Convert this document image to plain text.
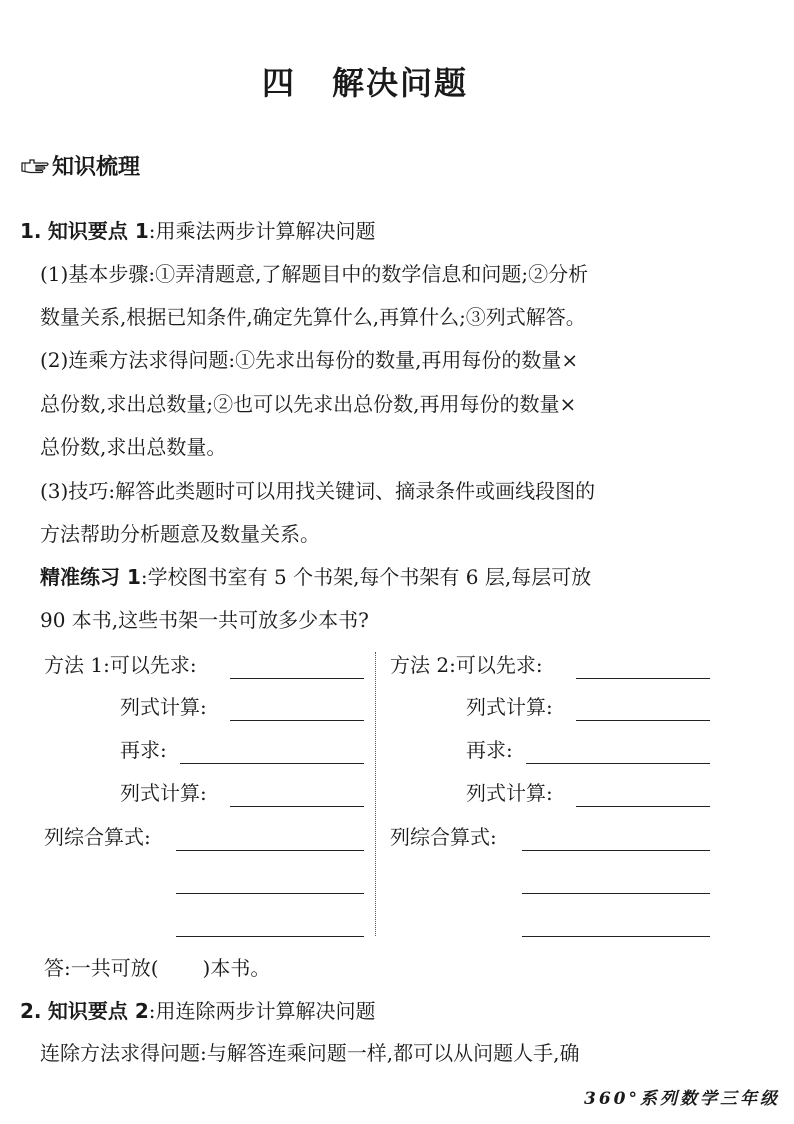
四 解决问题
知识梳理
1. 知识要点 1:用乘法两步计算解决问题
(1)基本步骤:①弄清题意,了解题目中的数学信息和问题;②分析
数量关系,根据已知条件,确定先算什么,再算什么;③列式解答。
(2)连乘方法求得问题:①先求出每份的数量,再用每份的数量×
总份数,求出总数量;②也可以先求出总份数,再用每份的数量×
总份数,求出总数量。
(3)技巧:解答此类题时可以用找关键词、摘录条件或画线段图的
方法帮助分析题意及数量关系。
精准练习 1:学校图书室有 5 个书架,每个书架有 6 层,每层可放
90 本书,这些书架一共可放多少本书?
方法 1:可以先求:
列式计算:
再求:
列式计算:
列综合算式:
方法 2:可以先求:
列式计算:
再求:
列式计算:
列综合算式:
答:一共可放( )本书。
2. 知识要点 2:用连除两步计算解决问题
连除方法求得问题:与解答连乘问题一样,都可以从问题人手,确
360°系列数学三年级
